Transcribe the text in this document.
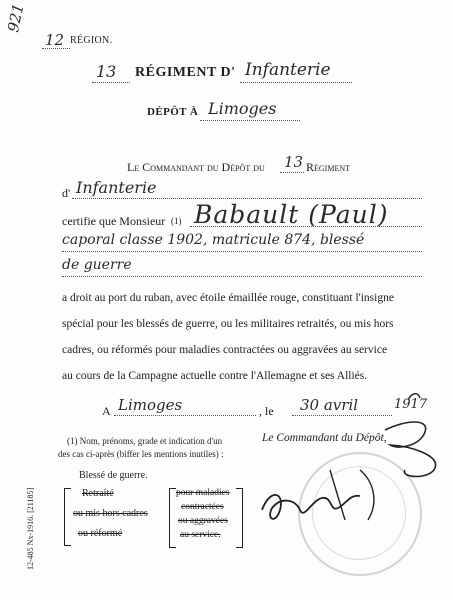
921
12 RÉGION.
13 RÉGIMENT D' Infanterie
DÉPÔT À Limoges
Le Commandant du Dépôt du 13 Régiment
d' Infanterie
certifie que Monsieur (1) Babault (Paul)
caporal classe 1902, matricule 874, blessé
de guerre
a droit au port du ruban, avec étoile émaillée rouge, constituant l'insigne
spécial pour les blessés de guerre, ou les militaires retraités, ou mis hors
cadres, ou réformés pour maladies contractées ou aggravées au service
au cours de la Campagne actuelle contre l'Allemagne et ses Alliés.
A Limoges	, le 30 avril	1917
(1) Nom, prénoms, grade et indication d'un
des cas ci-après (biffer les mentions inutiles) :
Blessé de guerre.
Retraité
ou mis hors cadres
ou réformé
pour maladies
contractées
ou aggravées
au service.
Le Commandant du Dépôt,
12-485 Nx-1916. [21185]
